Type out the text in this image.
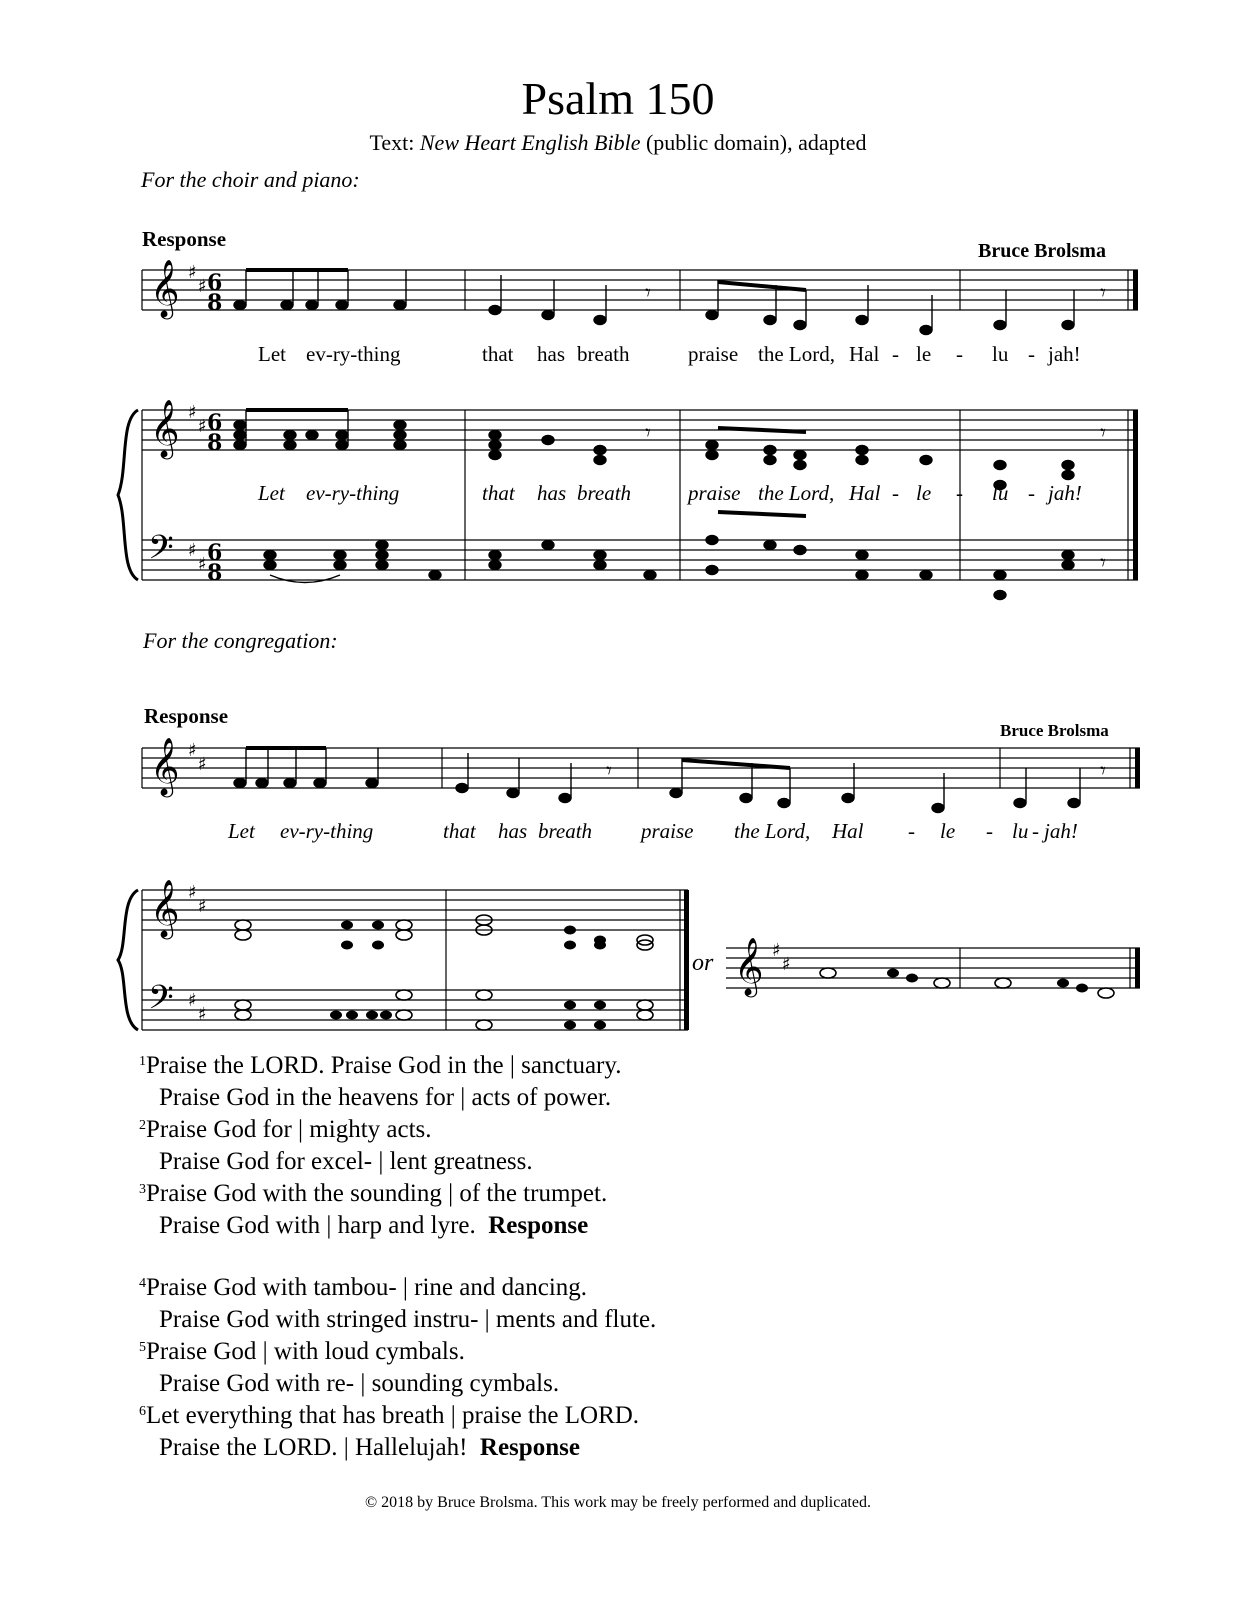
Psalm 150
Text: New Heart English Bible (public domain), adapted
For the choir and piano:
Response	Bruce Brolsma
𝄞
𝄞
𝄢
♯
♯
♯
♯
♯
♯
6
8
6
8
6
8
𝄾	𝄾
𝄾	𝄾
𝄾
Let ev-ry-thing	that has breath	praise the Lord, Hal - le - lu - jah!
Let ev-ry-thing	that has breath	praise the Lord, Hal - le - lu - jah!
For the congregation:
Response
Bruce Brolsma
𝄞
𝄞
𝄢
𝄞
♯
♯
♯
♯
♯
♯
♯
♯
𝄾	𝄾
or
Let ev-ry-thing	that has breath praise the Lord, Hal - le - lu - jah!
$^1$Praise the LORD. Praise God in the | sanctuary.
Praise God in the heavens for | acts of power.
$^2$Praise God for | mighty acts.
Praise God for excel- | lent greatness.
$^3$Praise God with the sounding | of the trumpet.
Praise God with | harp and lyre.  Response
$^4$Praise God with tambou- | rine and dancing.
Praise God with stringed instru- | ments and flute.
$^5$Praise God | with loud cymbals.
Praise God with re- | sounding cymbals.
$^6$Let everything that has breath | praise the LORD.
Praise the LORD. | Hallelujah!  Response
© 2018 by Bruce Brolsma. This work may be freely performed and duplicated.
